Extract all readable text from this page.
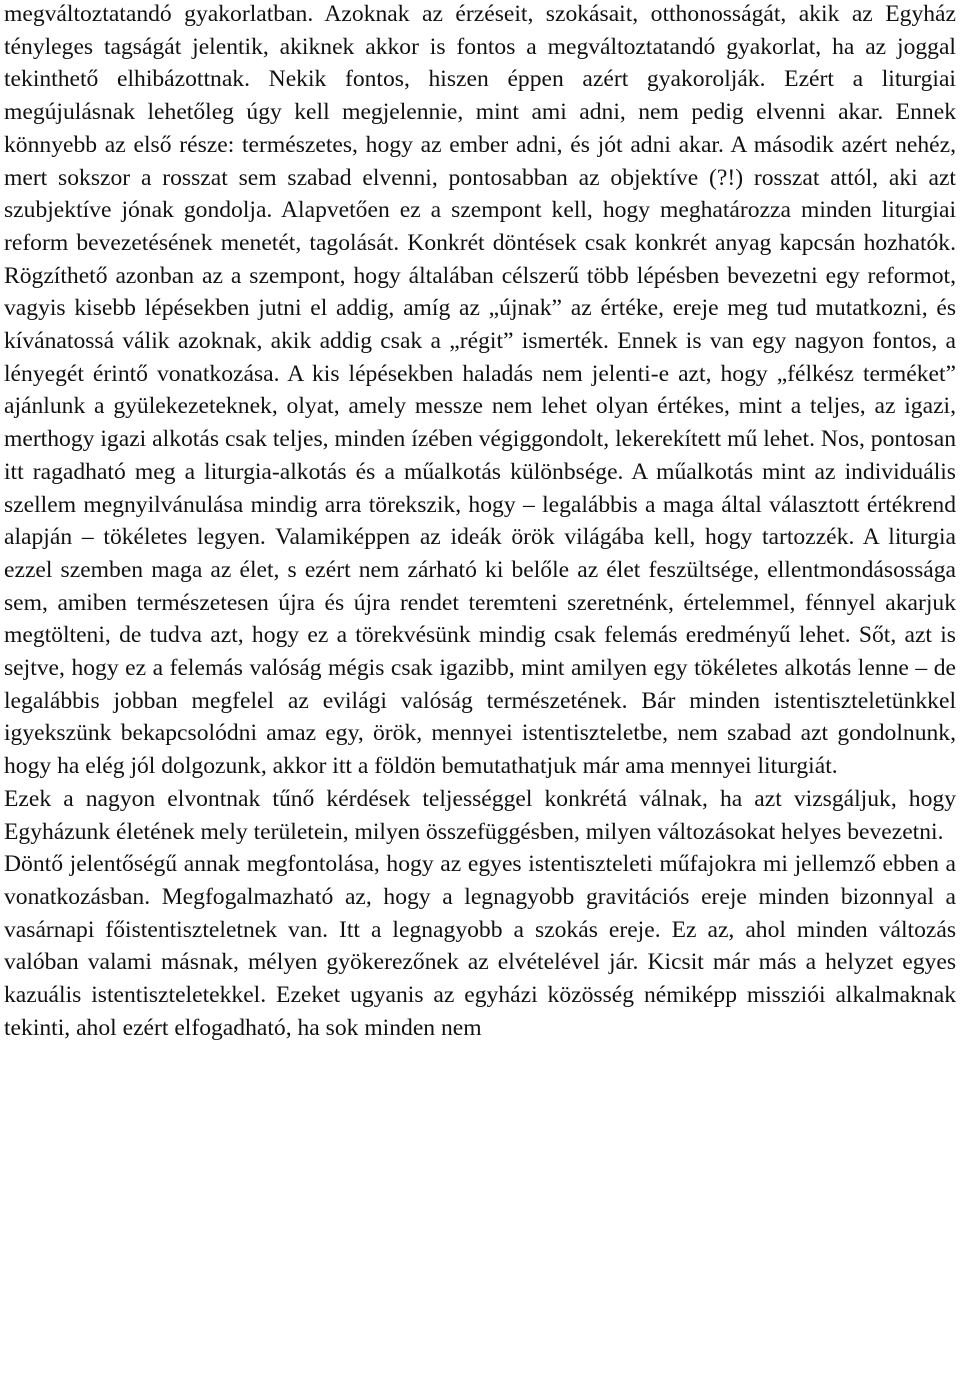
megváltoztatandó gyakorlatban. Azoknak az érzéseit, szokásait, otthonosságát, akik az Egyház tényleges tagságát jelentik, akiknek akkor is fontos a megváltoztatandó gyakorlat, ha az joggal tekinthető elhibázottnak. Nekik fontos, hiszen éppen azért gyakorolják. Ezért a liturgiai megújulásnak lehetőleg úgy kell megjelennie, mint ami adni, nem pedig elvenni akar. Ennek könnyebb az első része: természetes, hogy az ember adni, és jót adni akar. A második azért nehéz, mert sokszor a rosszat sem szabad elvenni, pontosabban az objektíve (?!) rosszat attól, aki azt szubjektíve jónak gondolja. Alapvetően ez a szempont kell, hogy meghatározza minden liturgiai reform bevezetésének menetét, tagolását. Konkrét döntések csak konkrét anyag kapcsán hozhatók. Rögzíthető azonban az a szempont, hogy általában célszerű több lépésben bevezetni egy reformot, vagyis kisebb lépésekben jutni el addig, amíg az „újnak” az értéke, ereje meg tud mutatkozni, és kívánatossá válik azoknak, akik addig csak a „régit” ismerték. Ennek is van egy nagyon fontos, a lényegét érintő vonatkozása. A kis lépésekben haladás nem jelenti-e azt, hogy „félkész terméket” ajánlunk a gyülekezeteknek, olyat, amely messze nem lehet olyan értékes, mint a teljes, az igazi, merthogy igazi alkotás csak teljes, minden ízében végiggondolt, lekerekített mű lehet. Nos, pontosan itt ragadható meg a liturgia-alkotás és a műalkotás különbsége. A műalkotás mint az individuális szellem megnyilvánulása mindig arra törekszik, hogy – legalábbis a maga által választott értékrend alapján – tökéletes legyen. Valamiképpen az ideák örök világába kell, hogy tartozzék. A liturgia ezzel szemben maga az élet, s ezért nem zárható ki belőle az élet feszültsége, ellentmondásossága sem, amiben természetesen újra és újra rendet teremteni szeretnénk, értelemmel, fénnyel akarjuk megtölteni, de tudva azt, hogy ez a törekvésünk mindig csak felemás eredményű lehet. Sőt, azt is sejtve, hogy ez a felemás valóság mégis csak igazibb, mint amilyen egy tökéletes alkotás lenne – de legalábbis jobban megfelel az evilági valóság természetének. Bár minden istentiszteletünkkel igyekszünk bekapcsolódni amaz egy, örök, mennyei istentiszteletbe, nem szabad azt gondolnunk, hogy ha elég jól dolgozunk, akkor itt a földön bemutathatjuk már ama mennyei liturgiát.

Ezek a nagyon elvontnak tűnő kérdések teljességgel konkrétá válnak, ha azt vizsgáljuk, hogy Egyházunk életének mely területein, milyen összefüggésben, milyen változásokat helyes bevezetni.

Döntő jelentőségű annak megfontolása, hogy az egyes istentiszteleti műfajokra mi jellemző ebben a vonatkozásban. Megfogalmazható az, hogy a legnagyobb gravitációs ereje minden bizonnyal a vasárnapi főistentiszteletnek van. Itt a legnagyobb a szokás ereje. Ez az, ahol minden változás valóban valami másnak, mélyen gyökerezőnek az elvételével jár. Kicsit már más a helyzet egyes kazuális istentiszteletekkel. Ezeket ugyanis az egyházi közösség némiképp missziói alkalmaknak tekinti, ahol ezért elfogadható, ha sok minden nem
